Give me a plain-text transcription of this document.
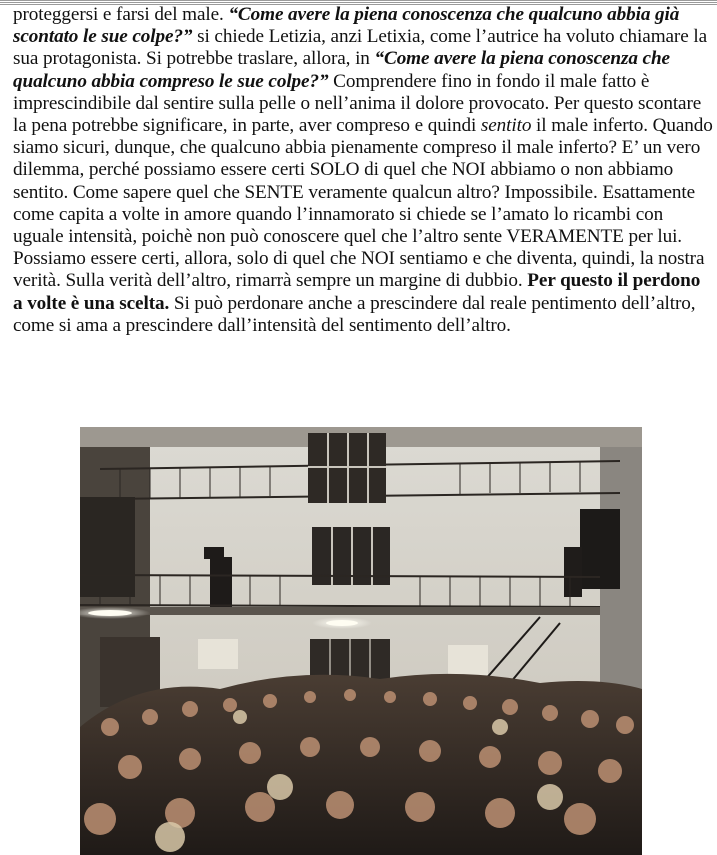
proteggersi e farsi del male. “Come avere la piena conoscenza che qualcuno abbia già scontato le sue colpe?” si chiede Letizia, anzi Letixia, come l’autrice ha voluto chiamare la sua protagonista. Si potrebbe traslare, allora, in “Come avere la piena conoscenza che qualcuno abbia compreso le sue colpe?” Comprendere fino in fondo il male fatto è imprescindibile dal sentire sulla pelle o nell’anima il dolore provocato. Per questo scontare la pena potrebbe significare, in parte, aver compreso e quindi sentito il male inferto. Quando siamo sicuri, dunque, che qualcuno abbia pienamente compreso il male inferto? E’ un vero dilemma, perché possiamo essere certi SOLO di quel che NOI abbiamo o non abbiamo sentito. Come sapere quel che SENTE veramente qualcun altro? Impossibile. Esattamente come capita a volte in amore quando l’innamorato si chiede se l’amato lo ricambi con uguale intensità, poichè non può conoscere quel che l’altro sente VERAMENTE per lui. Possiamo essere certi, allora, solo di quel che NOI sentiamo e che diventa, quindi, la nostra verità. Sulla verità dell’altro, rimarrà sempre un margine di dubbio. Per questo il perdono a volte è una scelta. Si può perdonare anche a prescindere dal reale pentimento dell’altro, come si ama a prescindere dall’intensità del sentimento dell’altro.
